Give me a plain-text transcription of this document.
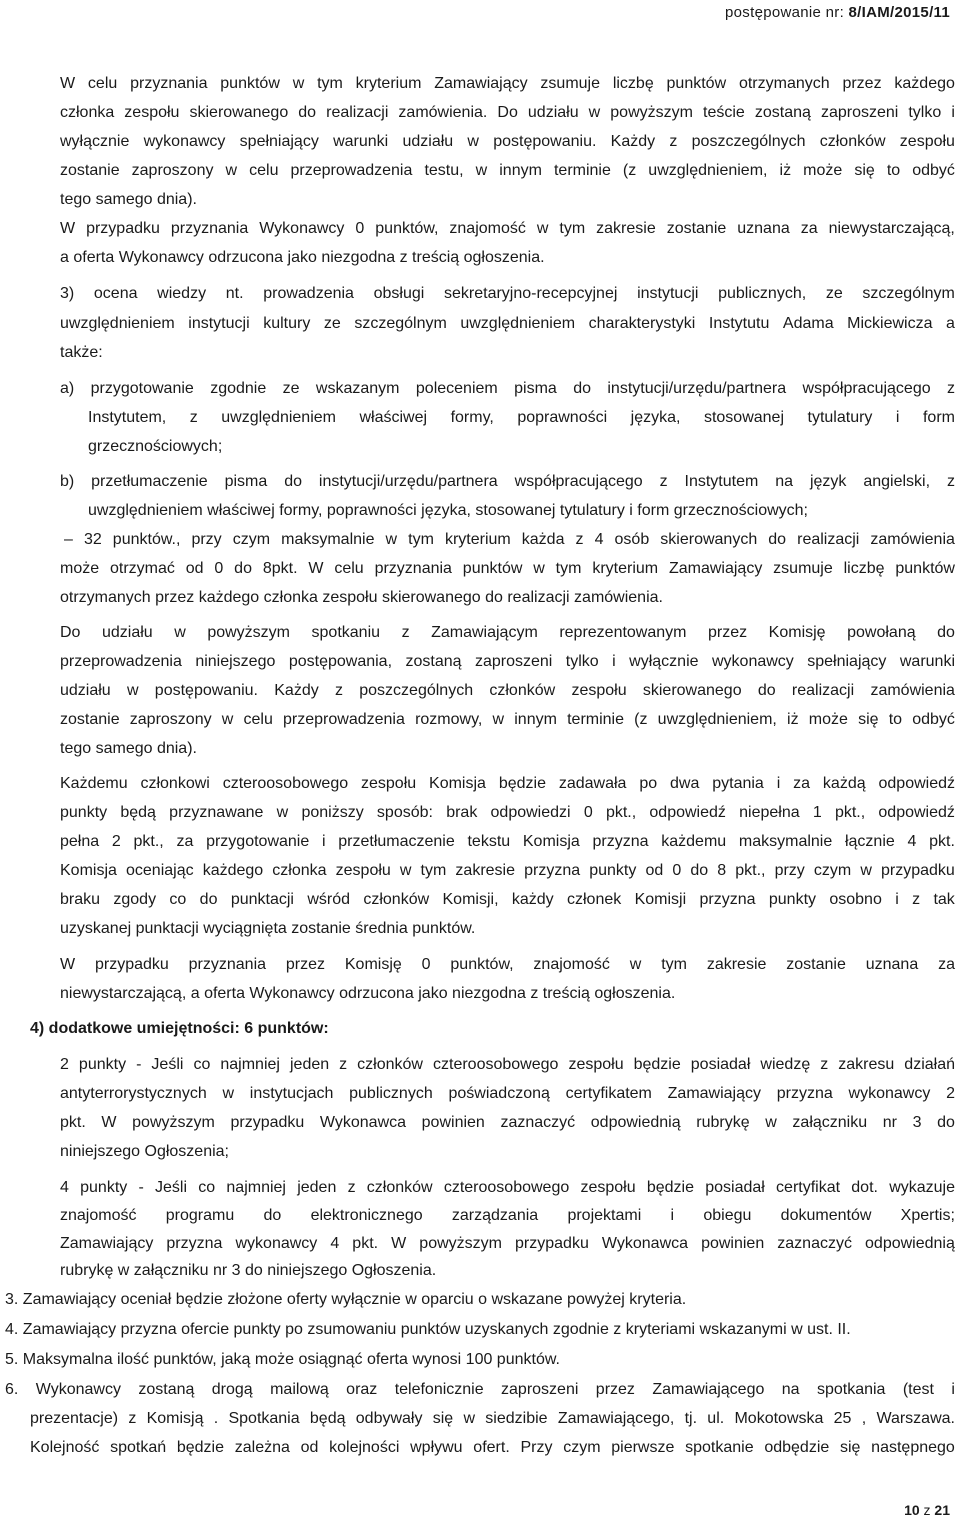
postępowanie nr: 8/IAM/2015/11
W celu przyznania punktów w tym kryterium Zamawiający zsumuje liczbę punktów otrzymanych przez każdego
członka zespołu skierowanego do realizacji zamówienia. Do udziału w powyższym teście zostaną zaproszeni tylko i
wyłącznie wykonawcy spełniający warunki udziału w postępowaniu. Każdy z poszczególnych członków zespołu
zostanie zaproszony w celu przeprowadzenia testu, w innym terminie (z uwzględnieniem, iż może się to odbyć
tego samego dnia).
W przypadku przyznania Wykonawcy 0 punktów, znajomość w tym zakresie zostanie uznana za niewystarczającą,
a oferta Wykonawcy odrzucona jako niezgodna z treścią ogłoszenia.
3) ocena wiedzy nt. prowadzenia obsługi sekretaryjno-recepcyjnej instytucji publicznych, ze szczególnym
uwzględnieniem instytucji kultury ze szczególnym uwzględnieniem charakterystyki Instytutu Adama Mickiewicza a
także:
a) przygotowanie zgodnie ze wskazanym poleceniem pisma do instytucji/urzędu/partnera współpracującego z
Instytutem, z uwzględnieniem właściwej formy, poprawności języka, stosowanej tytulatury i form
grzecznościowych;
b) przetłumaczenie pisma do instytucji/urzędu/partnera współpracującego z Instytutem na język angielski, z
uwzględnieniem właściwej formy, poprawności języka, stosowanej tytulatury i form grzecznościowych;
– 32 punktów., przy czym maksymalnie w tym kryterium każda z 4 osób skierowanych do realizacji zamówienia
może otrzymać od 0 do 8pkt. W celu przyznania punktów w tym kryterium Zamawiający zsumuje liczbę punktów
otrzymanych przez każdego członka zespołu skierowanego do realizacji zamówienia.
Do udziału w powyższym spotkaniu z Zamawiającym reprezentowanym przez Komisję powołaną do
przeprowadzenia niniejszego postępowania, zostaną zaproszeni tylko i wyłącznie wykonawcy spełniający warunki
udziału w postępowaniu. Każdy z poszczególnych członków zespołu skierowanego do realizacji zamówienia
zostanie zaproszony w celu przeprowadzenia rozmowy, w innym terminie (z uwzględnieniem, iż może się to odbyć
tego samego dnia).
Każdemu członkowi czteroosobowego zespołu Komisja będzie zadawała po dwa pytania i za każdą odpowiedź
punkty będą przyznawane w poniższy sposób: brak odpowiedzi 0 pkt., odpowiedź niepełna 1 pkt., odpowiedź
pełna 2 pkt., za przygotowanie i przetłumaczenie tekstu Komisja przyzna każdemu maksymalnie łącznie 4 pkt.
Komisja oceniając każdego członka zespołu w tym zakresie przyzna punkty od 0 do 8 pkt., przy czym w przypadku
braku zgody co do punktacji wśród członków Komisji, każdy członek Komisji przyzna punkty osobno i z tak
uzyskanej punktacji wyciągnięta zostanie średnia punktów.
W przypadku przyznania przez Komisję 0 punktów, znajomość w tym zakresie zostanie uznana za
niewystarczającą, a oferta Wykonawcy odrzucona jako niezgodna z treścią ogłoszenia.
4) dodatkowe umiejętności: 6 punktów:
2 punkty - Jeśli co najmniej jeden z członków czteroosobowego zespołu będzie posiadał wiedzę z zakresu działań
antyterrorystycznych w instytucjach publicznych poświadczoną certyfikatem Zamawiający przyzna wykonawcy 2
pkt. W powyższym przypadku Wykonawca powinien zaznaczyć odpowiednią rubrykę w załączniku nr 3 do
niniejszego Ogłoszenia;
4 punkty - Jeśli co najmniej jeden z członków czteroosobowego zespołu będzie posiadał certyfikat dot. wykazuje
znajomość programu do elektronicznego zarządzania projektami i obiegu dokumentów Xpertis;
Zamawiający przyzna wykonawcy 4 pkt. W powyższym przypadku Wykonawca powinien zaznaczyć odpowiednią
rubrykę w załączniku nr 3 do niniejszego Ogłoszenia.
3. Zamawiający oceniał będzie złożone oferty wyłącznie w oparciu o wskazane powyżej kryteria.
4. Zamawiający przyzna ofercie punkty po zsumowaniu punktów uzyskanych zgodnie z kryteriami wskazanymi w ust. II.
5. Maksymalna ilość punktów, jaką może osiągnąć oferta wynosi 100 punktów.
6. Wykonawcy zostaną drogą mailową oraz telefonicznie zaproszeni przez Zamawiającego na spotkania (test i
prezentacje) z Komisją . Spotkania będą odbywały się w siedzibie Zamawiającego, tj. ul. Mokotowska 25 , Warszawa.
Kolejność spotkań będzie zależna od kolejności wpływu ofert. Przy czym pierwsze spotkanie odbędzie się następnego
10 z 21
